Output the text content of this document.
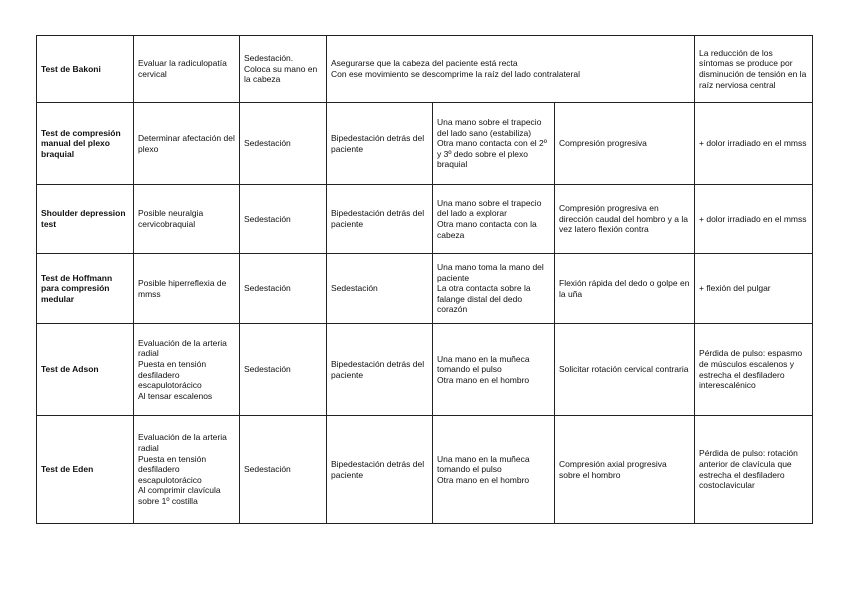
Test de Bakoni	Evaluar la radiculopatía cervical	Sedestación.
Coloca su mano en la cabeza	Asegurarse que la cabeza del paciente está recta
Con ese movimiento se descomprime la raíz del lado contralateral			La reducción de los síntomas se produce por disminución de tensión en la raíz nerviosa central

Test de compresión manual del plexo braquial	Determinar afectación del plexo	Sedestación	Bipedestación detrás del paciente	Una mano sobre el trapecio del lado sano (estabiliza)
Otra mano contacta con el 2º y 3º dedo sobre el plexo braquial	Compresión progresiva	+ dolor irradiado en el mmss

Shoulder depression test	Posible neuralgia cervicobraquial	Sedestación	Bipedestación detrás del paciente	Una mano sobre el trapecio del lado a explorar
Otra mano contacta con la cabeza	Compresión progresiva en dirección caudal del hombro y a la vez latero flexión contra	+ dolor irradiado en el mmss

Test de Hoffmann para compresión medular	Posible hiperreflexia de mmss	Sedestación	Sedestación	Una mano toma la mano del paciente
La otra contacta sobre la falange distal del dedo corazón	Flexión rápida del dedo o golpe en la uña	+ flexión del pulgar

Test de Adson	Evaluación de la arteria radial
Puesta en tensión desfiladero escapulotorácico
Al tensar escalenos	Sedestación	Bipedestación detrás del paciente	Una mano en la muñeca tomando el pulso
Otra mano en el hombro	Solicitar rotación cervical contraria	Pérdida de pulso: espasmo de músculos escalenos y estrecha el desfiladero interescalénico

Test de Eden	Evaluación de la arteria radial
Puesta en tensión desfiladero escapulotorácico
Al comprimir clavícula sobre 1º costilla	Sedestación	Bipedestación detrás del paciente	Una mano en la muñeca tomando el pulso
Otra mano en el hombro	Compresión axial progresiva sobre el hombro	Pérdida de pulso: rotación anterior de clavícula que estrecha el desfiladero costoclavicular
